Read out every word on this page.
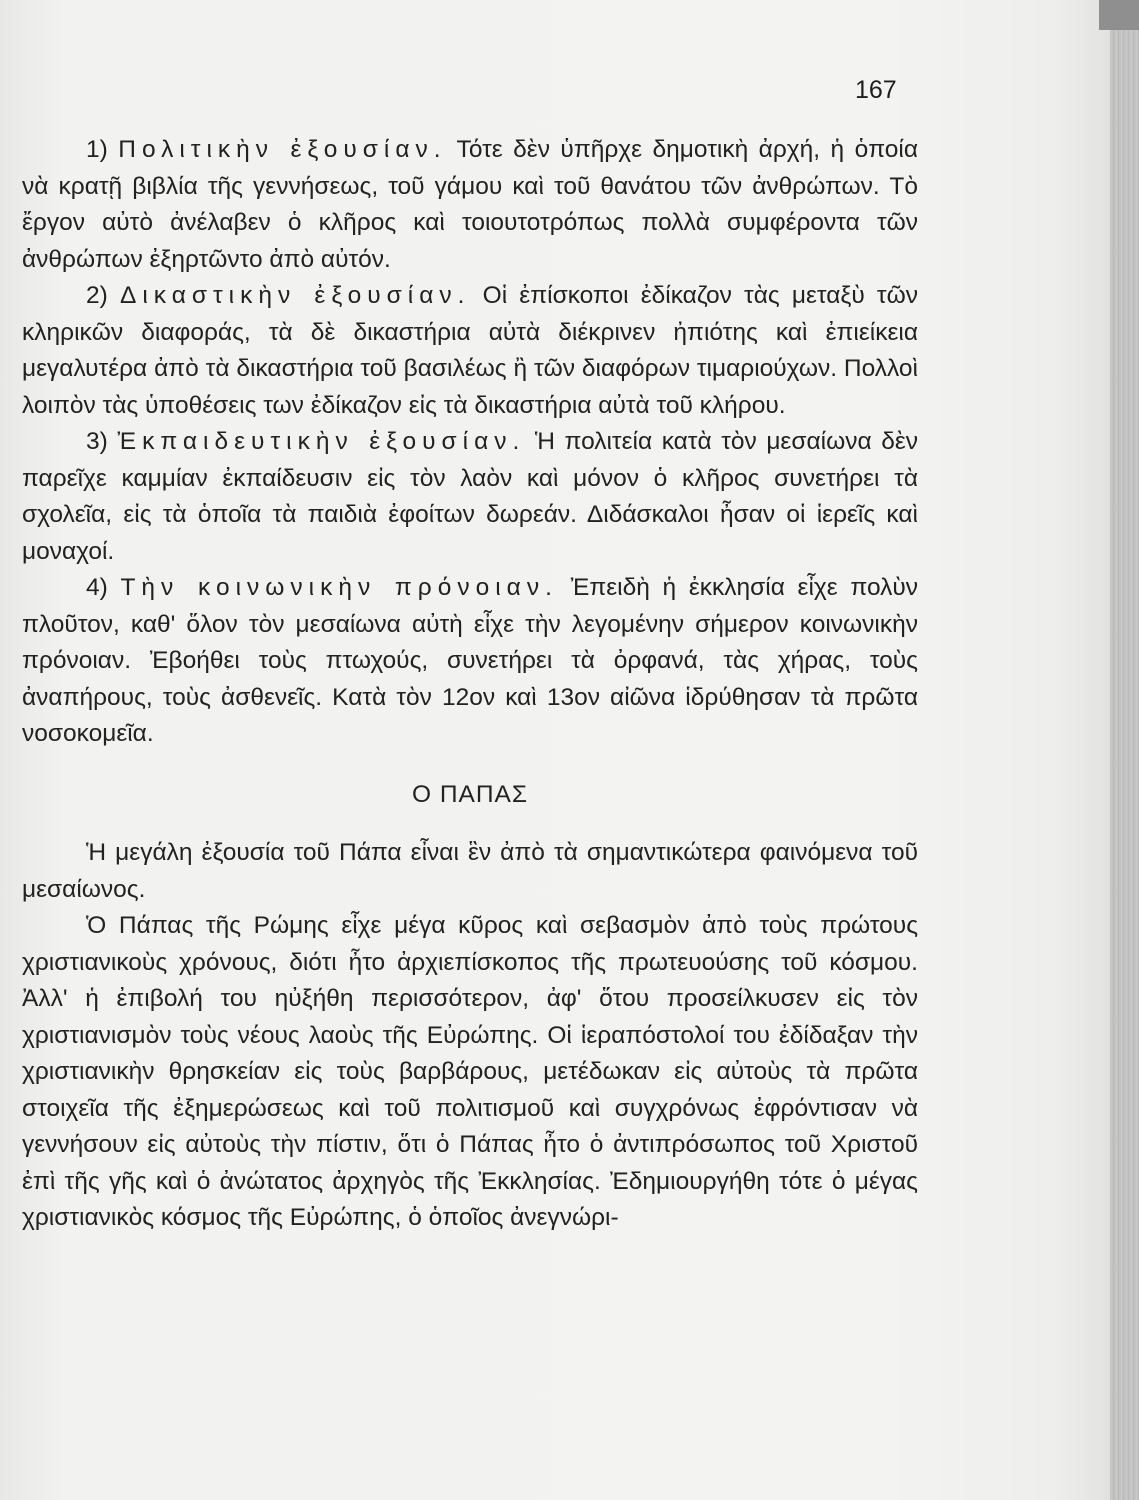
167

1) Πολιτικὴν ἐξουσίαν. Τότε δὲν ὑπῆρχε δημοτικὴ ἀρχή, ἡ ὁποία νὰ κρατῇ βιβλία τῆς γεννήσεως, τοῦ γάμου καὶ τοῦ θανάτου τῶν ἀνθρώπων. Τὸ ἔργον αὐτὸ ἀνέλαβεν ὁ κλῆρος καὶ τοιουτοτρόπως πολλὰ συμφέροντα τῶν ἀνθρώπων ἐξηρτῶντο ἀπὸ αὐτόν.

2) Δικαστικὴν ἐξουσίαν. Οἱ ἐπίσκοποι ἐδίκαζον τὰς μεταξὺ τῶν κληρικῶν διαφοράς, τὰ δὲ δικαστήρια αὐτὰ διέκρινεν ἠπιότης καὶ ἐπιείκεια μεγαλυτέρα ἀπὸ τὰ δικαστήρια τοῦ βασιλέως ἢ τῶν διαφόρων τιμαριούχων. Πολλοὶ λοιπὸν τὰς ὑποθέσεις των ἐδίκαζον εἰς τὰ δικαστήρια αὐτὰ τοῦ κλήρου.

3) Ἐκπαιδευτικὴν ἐξουσίαν. Ἡ πολιτεία κατὰ τὸν μεσαίωνα δὲν παρεῖχε καμμίαν ἐκπαίδευσιν εἰς τὸν λαὸν καὶ μόνον ὁ κλῆρος συνετήρει τὰ σχολεῖα, εἰς τὰ ὁποῖα τὰ παιδιὰ ἐφοίτων δωρεάν. Διδάσκαλοι ἦσαν οἱ ἱερεῖς καὶ μοναχοί.

4) Τὴν κοινωνικὴν πρόνοιαν. Ἐπειδὴ ἡ ἐκκλησία εἶχε πολὺν πλοῦτον, καθ' ὅλον τὸν μεσαίωνα αὐτὴ εἶχε τὴν λεγομένην σήμερον κοινωνικὴν πρόνοιαν. Ἐβοήθει τοὺς πτωχούς, συνετήρει τὰ ὀρφανά, τὰς χήρας, τοὺς ἀναπήρους, τοὺς ἀσθενεῖς. Κατὰ τὸν 12ον καὶ 13ον αἰῶνα ἱδρύθησαν τὰ πρῶτα νοσοκομεῖα.

Ο ΠΑΠΑΣ

Ἡ μεγάλη ἐξουσία τοῦ Πάπα εἶναι ἓν ἀπὸ τὰ σημαντικώτερα φαινόμενα τοῦ μεσαίωνος.

Ὁ Πάπας τῆς Ρώμης εἶχε μέγα κῦρος καὶ σεβασμὸν ἀπὸ τοὺς πρώτους χριστιανικοὺς χρόνους, διότι ἦτο ἀρχιεπίσκοπος τῆς πρωτευούσης τοῦ κόσμου. Ἀλλ' ἡ ἐπιβολή του ηὐξήθη περισσότερον, ἀφ' ὅτου προσείλκυσεν εἰς τὸν χριστιανισμὸν τοὺς νέους λαοὺς τῆς Εὐρώπης. Οἱ ἱεραπόστολοί του ἐδίδαξαν τὴν χριστιανικὴν θρησκείαν εἰς τοὺς βαρβάρους, μετέδωκαν εἰς αὐτοὺς τὰ πρῶτα στοιχεῖα τῆς ἐξημερώσεως καὶ τοῦ πολιτισμοῦ καὶ συγχρόνως ἐφρόντισαν νὰ γεννήσουν εἰς αὐτοὺς τὴν πίστιν, ὅτι ὁ Πάπας ἦτο ὁ ἀντιπρόσωπος τοῦ Χριστοῦ ἐπὶ τῆς γῆς καὶ ὁ ἀνώτατος ἀρχηγὸς τῆς Ἐκκλησίας. Ἐδημιουργήθη τότε ὁ μέγας χριστιανικὸς κόσμος τῆς Εὐρώπης, ὁ ὁποῖος ἀνεγνώρι-
